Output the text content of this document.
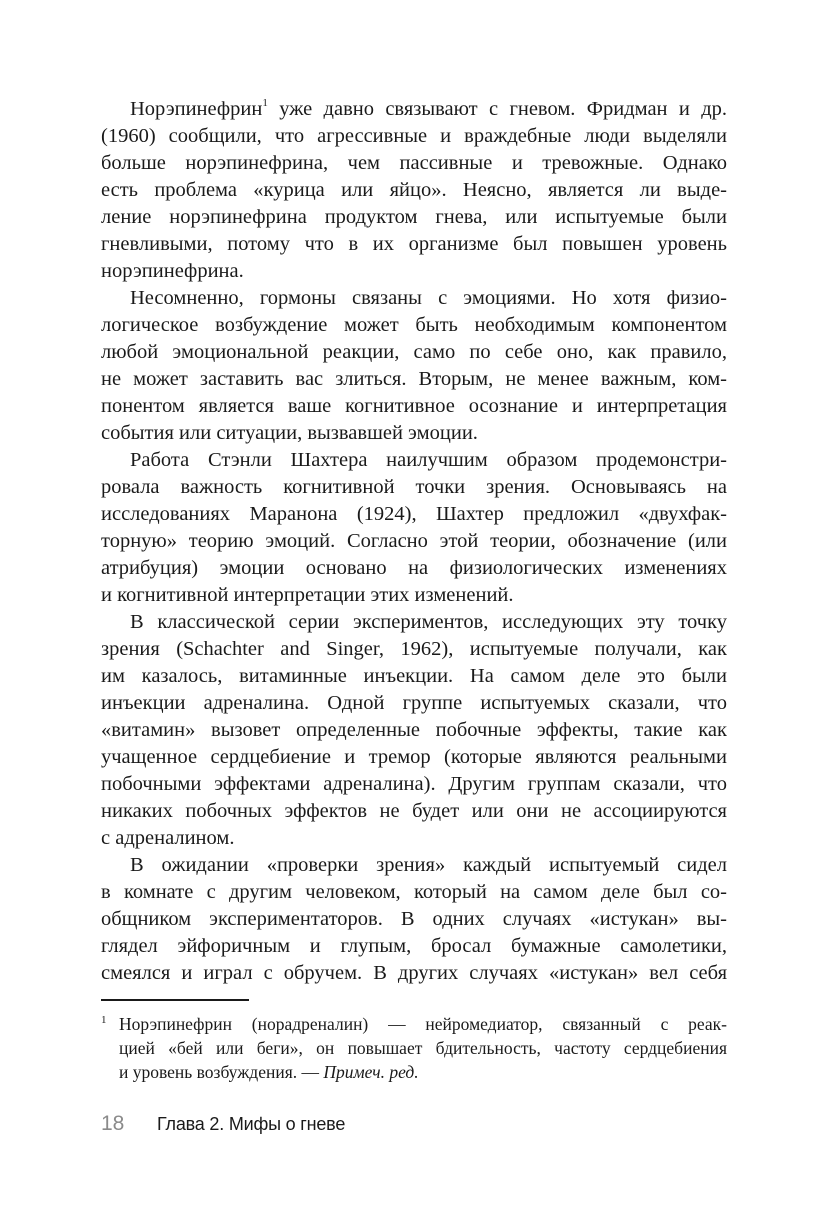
Норэпинефрин$^1$ уже давно связывают с гневом. Фридман и др.
(1960) сообщили, что агрессивные и враждебные люди выделяли
больше норэпинефрина, чем пассивные и тревожные. Однако
есть проблема «курица или яйцо». Неясно, является ли выде-
ление норэпинефрина продуктом гнева, или испытуемые были
гневливыми, потому что в их организме был повышен уровень
норэпинефрина.
Несомненно, гормоны связаны с эмоциями. Но хотя физио-
логическое возбуждение может быть необходимым компонентом
любой эмоциональной реакции, само по себе оно, как правило,
не может заставить вас злиться. Вторым, не менее важным, ком-
понентом является ваше когнитивное осознание и интерпретация
события или ситуации, вызвавшей эмоции.
Работа Стэнли Шахтера наилучшим образом продемонстри-
ровала важность когнитивной точки зрения. Основываясь на
исследованиях Маранона (1924), Шахтер предложил «двухфак-
торную» теорию эмоций. Согласно этой теории, обозначение (или
атрибуция) эмоции основано на физиологических изменениях
и когнитивной интерпретации этих изменений.
В классической серии экспериментов, исследующих эту точку
зрения (Schachter and Singer, 1962), испытуемые получали, как
им казалось, витаминные инъекции. На самом деле это были
инъекции адреналина. Одной группе испытуемых сказали, что
«витамин» вызовет определенные побочные эффекты, такие как
учащенное сердцебиение и тремор (которые являются реальными
побочными эффектами адреналина). Другим группам сказали, что
никаких побочных эффектов не будет или они не ассоциируются
с адреналином.
В ожидании «проверки зрения» каждый испытуемый сидел
в комнате с другим человеком, который на самом деле был со-
общником экспериментаторов. В одних случаях «истукан» вы-
глядел эйфоричным и глупым, бросал бумажные самолетики,
смеялся и играл с обручем. В других случаях «истукан» вел себя
1 Норэпинефрин (норадреналин) — нейромедиатор, связанный с реак-
цией «бей или беги», он повышает бдительность, частоту сердцебиения
и уровень возбуждения. — Примеч. ред.
18 Глава 2. Мифы о гневе
